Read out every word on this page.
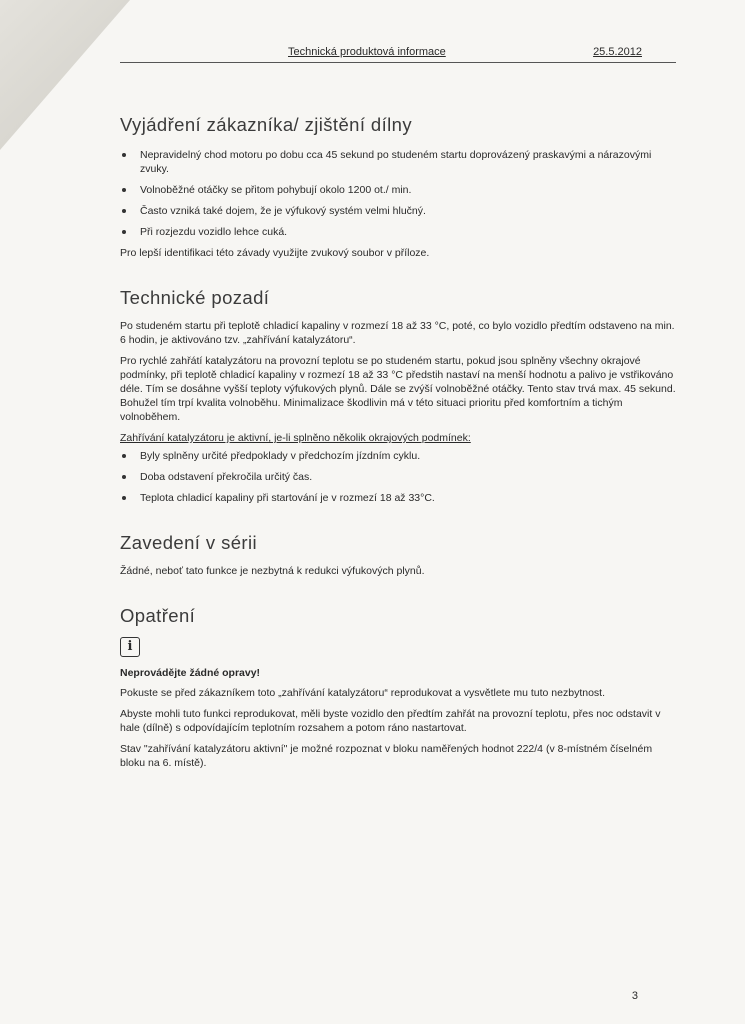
Technická produktová informace	25.5.2012
Vyjádření zákazníka/ zjištění dílny
Nepravidelný chod motoru po dobu cca 45 sekund po studeném startu doprovázený praskavými a nárazovými zvuky.
Volnoběžné otáčky se přitom pohybují okolo 1200 ot./ min.
Často vzniká také dojem, že je výfukový systém velmi hlučný.
Při rozjezdu vozidlo lehce cuká.

Pro lepší identifikaci této závady využijte zvukový soubor v příloze.

Technické pozadí

Po studeném startu při teplotě chladicí kapaliny v rozmezí 18 až 33 °C, poté, co bylo vozidlo předtím odstaveno na min. 6 hodin, je aktivováno tzv. „zahřívání katalyzátoru“.

Pro rychlé zahřátí katalyzátoru na provozní teplotu se po studeném startu, pokud jsou splněny všechny okrajové podmínky, při teplotě chladicí kapaliny v rozmezí 18 až 33 °C předstih nastaví na menší hodnotu a palivo je vstřikováno déle. Tím se dosáhne vyšší teploty výfukových plynů. Dále se zvýší volnoběžné otáčky. Tento stav trvá max. 45 sekund. Bohužel tím trpí kvalita volnoběhu. Minimalizace škodlivin má v této situaci prioritu před komfortním a tichým volnoběhem.

Zahřívání katalyzátoru je aktivní, je-li splněno několik okrajových podmínek:

Byly splněny určité předpoklady v předchozím jízdním cyklu.
Doba odstavení překročila určitý čas.
Teplota chladicí kapaliny při startování je v rozmezí 18 až 33°C.
Zavedení v sérii

Žádné, neboť tato funkce je nezbytná k redukci výfukových plynů.

Opatření
i

Neprovádějte žádné opravy!

Pokuste se před zákazníkem toto „zahřívání katalyzátoru“ reprodukovat a vysvětlete mu tuto nezbytnost.

Abyste mohli tuto funkci reprodukovat, měli byste vozidlo den předtím zahřát na provozní teplotu, přes noc odstavit v hale (dílně) s odpovídajícím teplotním rozsahem a potom ráno nastartovat.

Stav "zahřívání katalyzátoru aktivní" je možné rozpoznat v bloku naměřených hodnot 222/4 (v 8-místném číselném bloku na 6. místě).

3
